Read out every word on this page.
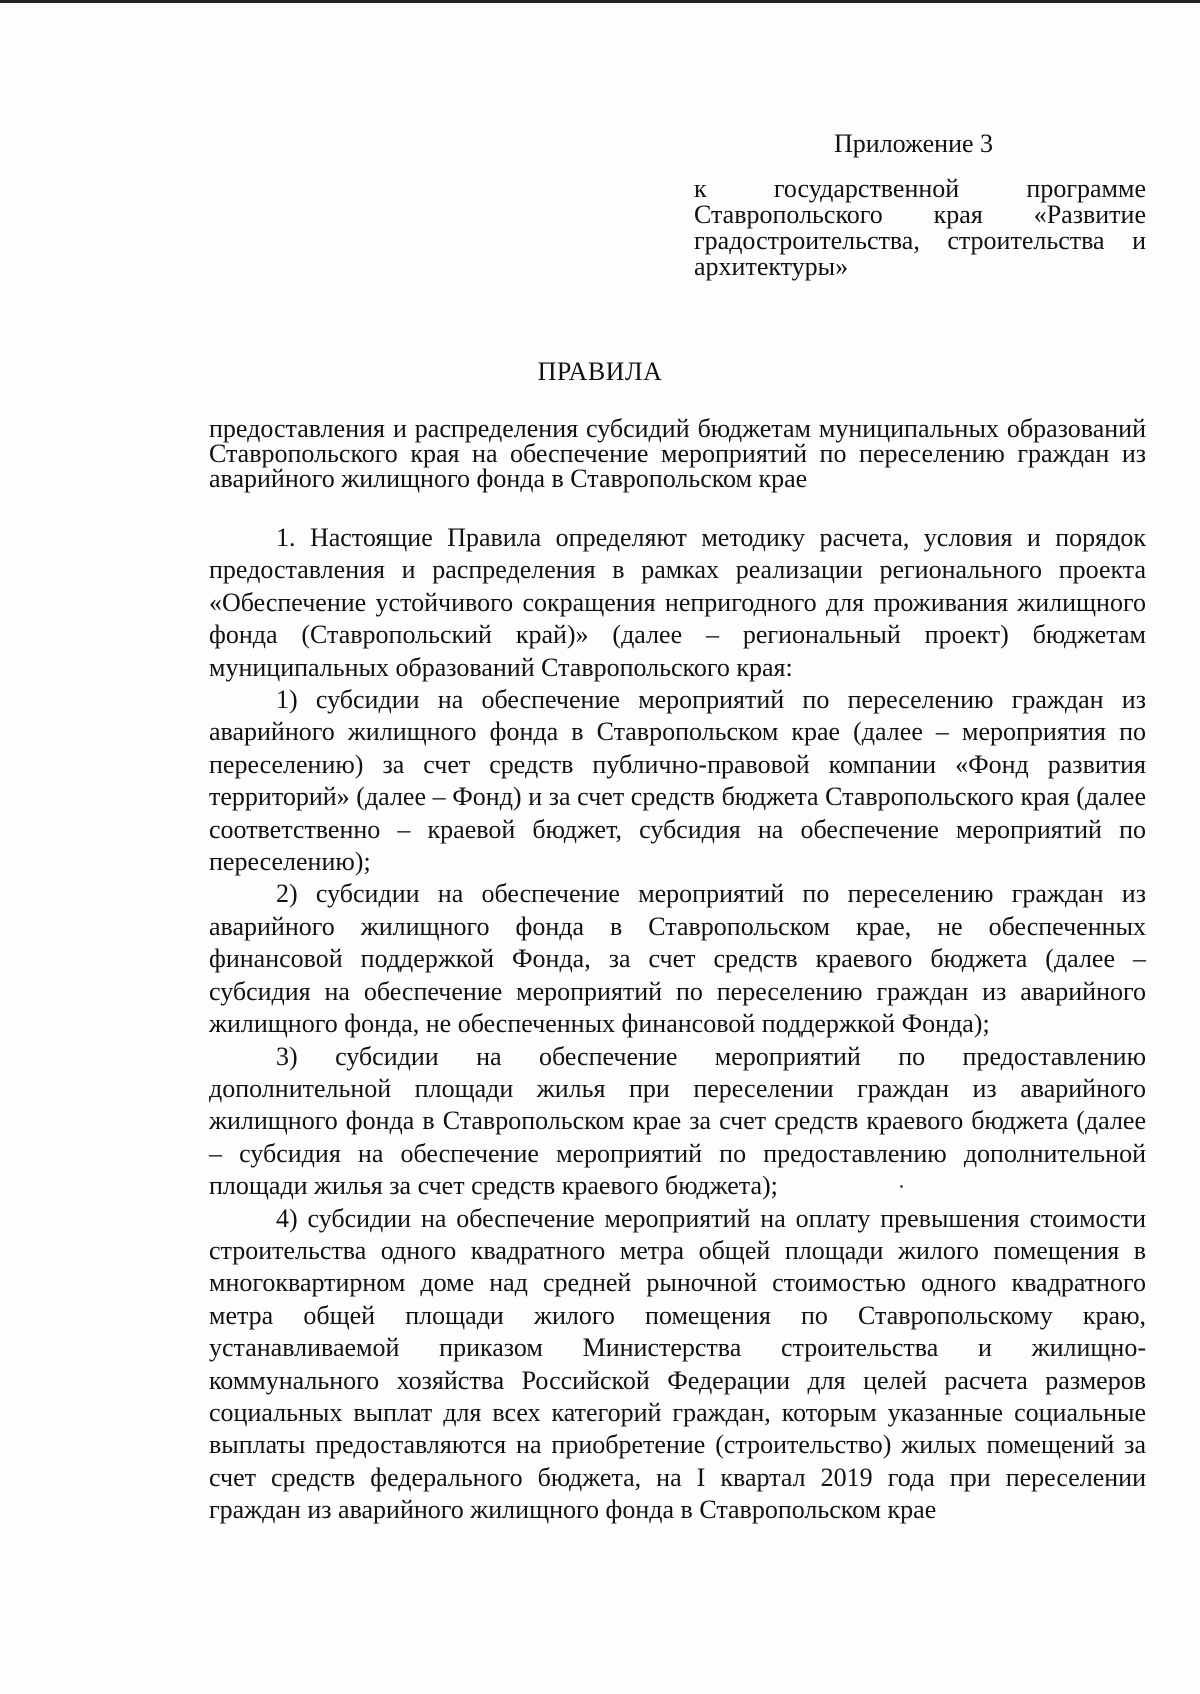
Приложение 3

к государственной программе Ставропольского края «Развитие градостроительства, строительства и архитектуры»

ПРАВИЛА

предоставления и распределения субсидий бюджетам муниципальных образований Ставропольского края на обеспечение мероприятий по переселению граждан из аварийного жилищного фонда в Ставропольском крае

1. Настоящие Правила определяют методику расчета, условия и порядок предоставления и распределения в рамках реализации регионального проекта «Обеспечение устойчивого сокращения непригодного для проживания жилищного фонда (Ставропольский край)» (далее – региональный проект) бюджетам муниципальных образований Ставропольского края:

1) субсидии на обеспечение мероприятий по переселению граждан из аварийного жилищного фонда в Ставропольском крае (далее – мероприятия по переселению) за счет средств публично-правовой компании «Фонд развития территорий» (далее – Фонд) и за счет средств бюджета Ставропольского края (далее соответственно – краевой бюджет, субсидия на обеспечение мероприятий по переселению);

2) субсидии на обеспечение мероприятий по переселению граждан из аварийного жилищного фонда в Ставропольском крае, не обеспеченных финансовой поддержкой Фонда, за счет средств краевого бюджета (далее – субсидия на обеспечение мероприятий по переселению граждан из аварийного жилищного фонда, не обеспеченных финансовой поддержкой Фонда);

3) субсидии на обеспечение мероприятий по предоставлению дополнительной площади жилья при переселении граждан из аварийного жилищного фонда в Ставропольском крае за счет средств краевого бюджета (далее – субсидия на обеспечение мероприятий по предоставлению дополнительной площади жилья за счет средств краевого бюджета);

4) субсидии на обеспечение мероприятий на оплату превышения стоимости строительства одного квадратного метра общей площади жилого помещения в многоквартирном доме над средней рыночной стоимостью одного квадратного метра общей площади жилого помещения по Ставропольскому краю, устанавливаемой приказом Министерства строительства и жилищно-коммунального хозяйства Российской Федерации для целей расчета размеров социальных выплат для всех категорий граждан, которым указанные социальные выплаты предоставляются на приобретение (строительство) жилых помещений за счет средств федерального бюджета, на I квартал 2019 года при переселении граждан из аварийного жилищного фонда в Ставропольском крае
